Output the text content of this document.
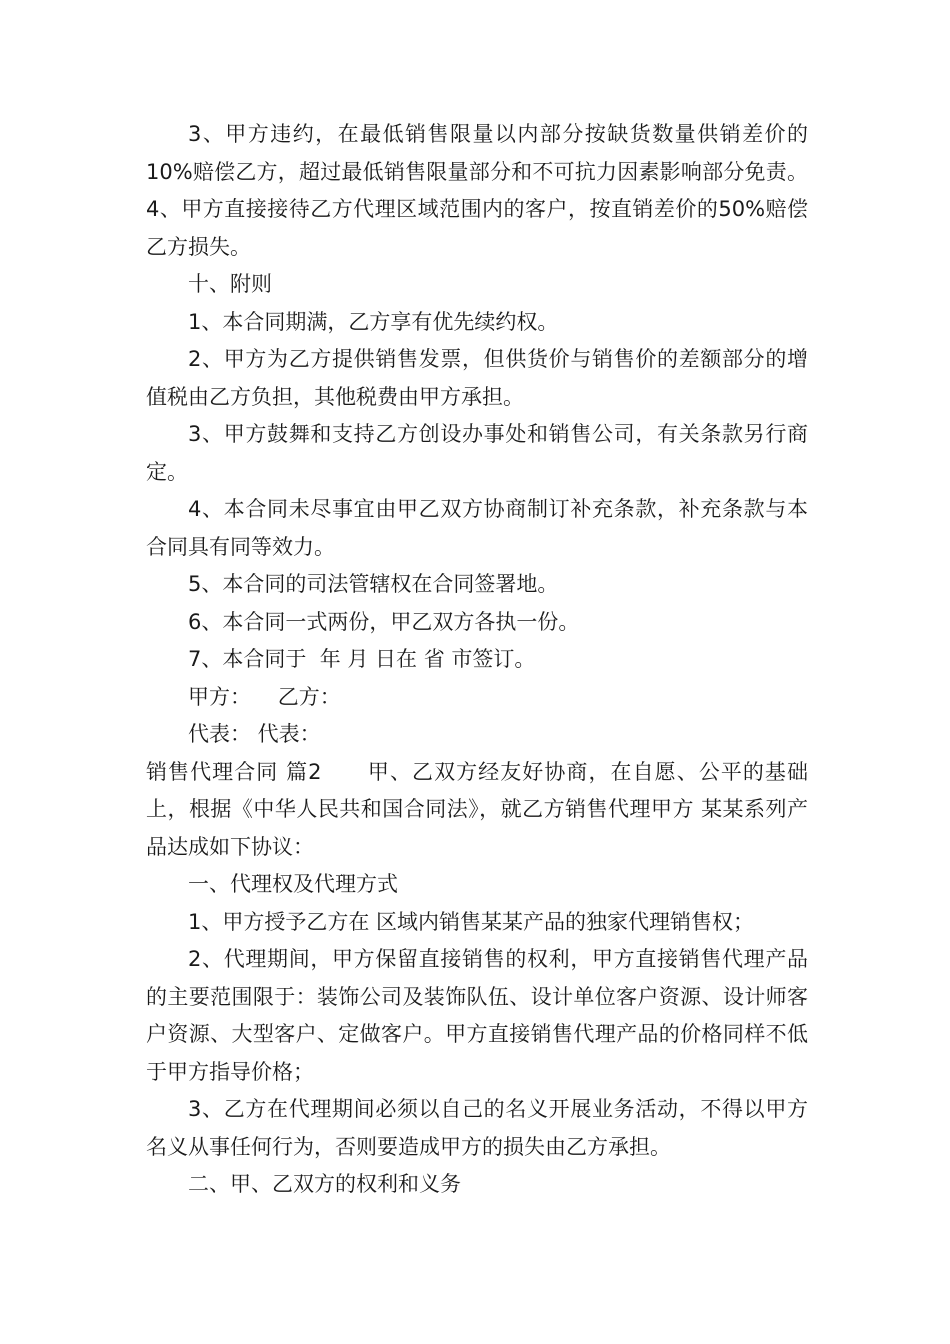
3、甲方违约，在最低销售限量以内部分按缺货数量供销差价的10%赔偿乙方，超过最低销售限量部分和不可抗力因素影响部分免责。4、甲方直接接待乙方代理区域范围内的客户，按直销差价的50%赔偿乙方损失。

十、附则

1、本合同期满，乙方享有优先续约权。

2、甲方为乙方提供销售发票，但供货价与销售价的差额部分的增值税由乙方负担，其他税费由甲方承担。

3、甲方鼓舞和支持乙方创设办事处和销售公司，有关条款另行商定。

4、本合同未尽事宜由甲乙双方协商制订补充条款，补充条款与本合同具有同等效力。

5、本合同的司法管辖权在合同签署地。

6、本合同一式两份，甲乙双方各执一份。

7、本合同于  年 月 日在 省 市签订。

甲方：    乙方：

代表： 代表：

销售代理合同 篇2      甲、乙双方经友好协商，在自愿、公平的基础上，根据《中华人民共和国合同法》，就乙方销售代理甲方 某某系列产品达成如下协议：

一、代理权及代理方式

1、甲方授予乙方在 区域内销售某某产品的独家代理销售权；

2、代理期间，甲方保留直接销售的权利，甲方直接销售代理产品的主要范围限于：装饰公司及装饰队伍、设计单位客户资源、设计师客户资源、大型客户、定做客户。甲方直接销售代理产品的价格同样不低于甲方指导价格；

3、乙方在代理期间必须以自己的名义开展业务活动，不得以甲方名义从事任何行为，否则要造成甲方的损失由乙方承担。

二、甲、乙双方的权利和义务
